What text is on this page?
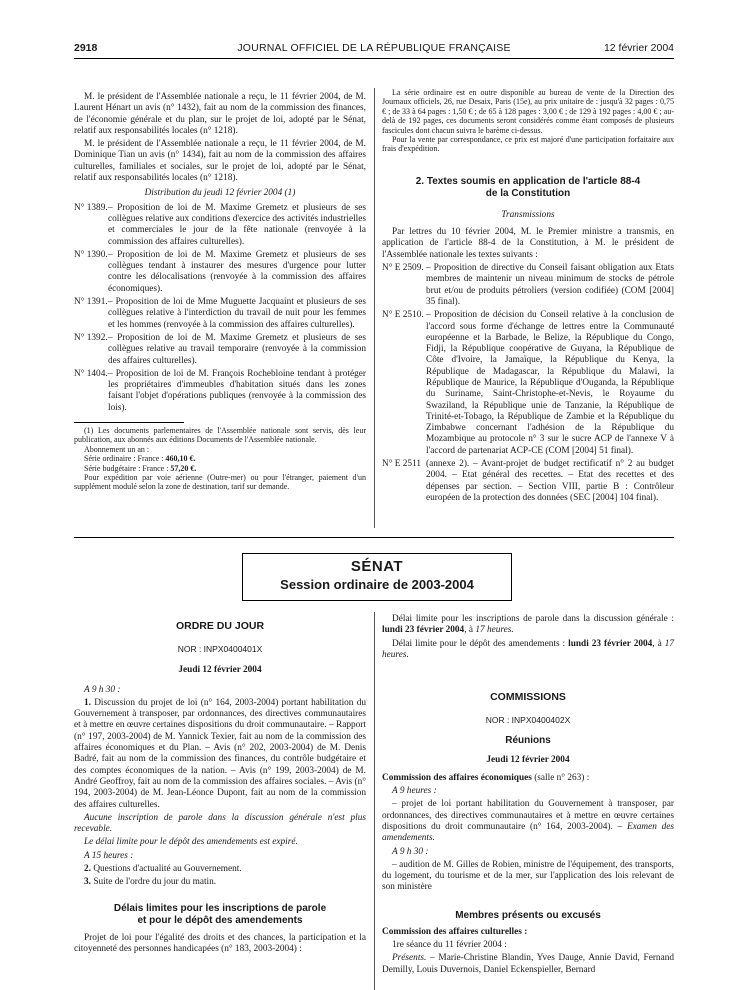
2918	JOURNAL OFFICIEL DE LA RÉPUBLIQUE FRANÇAISE	12 février 2004

M. le président de l'Assemblée nationale a reçu, le 11 février 2004, de M. Laurent Hénart un avis (n° 1432), fait au nom de la commission des finances, de l'économie générale et du plan, sur le projet de loi, adopté par le Sénat, relatif aux responsabilités locales (n° 1218).

M. le président de l'Assemblée nationale a reçu, le 11 février 2004, de M. Dominique Tian un avis (n° 1434), fait au nom de la commission des affaires culturelles, familiales et sociales, sur le projet de loi, adopté par le Sénat, relatif aux responsabilités locales (n° 1218).

Distribution du jeudi 12 février 2004 (1)

N° 1389. – Proposition de loi de M. Maxime Gremetz et plusieurs de ses collègues relative aux conditions d'exercice des activités industrielles et commerciales le jour de la fête nationale (renvoyée à la commission des affaires culturelles).
N° 1390. – Proposition de loi de M. Maxime Gremetz et plusieurs de ses collègues tendant à instaurer des mesures d'urgence pour lutter contre les délocalisations (renvoyée à la commission des affaires économiques).
N° 1391. – Proposition de loi de Mme Muguette Jacquaint et plusieurs de ses collègues relative à l'interdiction du travail de nuit pour les femmes et les hommes (renvoyée à la commission des affaires culturelles).
N° 1392. – Proposition de loi de M. Maxime Gremetz et plusieurs de ses collègues relative au travail temporaire (renvoyée à la commission des affaires culturelles).
N° 1404. – Proposition de loi de M. François Rochebloine tendant à protéger les propriétaires d'immeubles d'habitation situés dans les zones faisant l'objet d'opérations publiques (renvoyée à la commission des lois).

(1) Les documents parlementaires de l'Assemblée nationale sont servis, dès leur publication, aux abonnés aux éditions Documents de l'Assemblée nationale.

Abonnement un an :

Série ordinaire : France : 460,10 €.

Série budgétaire : France : 57,20 €.

Pour expédition par voie aérienne (Outre-mer) ou pour l'étranger, paiement d'un supplément modulé selon la zone de destination, tarif sur demande.

La série ordinaire est en outre disponible au bureau de vente de la Direction des Journaux officiels, 26, rue Desaix, Paris (15e), au prix unitaire de : jusqu'à 32 pages : 0,75 € ; de 33 à 64 pages : 1,50 € ; de 65 à 128 pages : 3,00 € ; de 129 à 192 pages : 4,00 € ; au-delà de 192 pages, ces documents seront considérés comme étant composés de plusieurs fascicules dont chacun suivra le barème ci-dessus.

Pour la vente par correspondance, ce prix est majoré d'une participation forfaitaire aux frais d'expédition.

2. Textes soumis en application de l'article 88-4
de la Constitution

Transmissions

Par lettres du 10 février 2004, M. le Premier ministre a transmis, en application de l'article 88-4 de la Constitution, à M. le président de l'Assemblée nationale les textes suivants :

N° E 2509. – Proposition de directive du Conseil faisant obligation aux Etats membres de maintenir un niveau minimum de stocks de pétrole brut et/ou de produits pétroliers (version codifiée) (COM [2004] 35 final).
N° E 2510. – Proposition de décision du Conseil relative à la conclusion de l'accord sous forme d'échange de lettres entre la Communauté européenne et la Barbade, le Belize, la République du Congo, Fidji, la République coopérative de Guyana, la République de Côte d'Ivoire, la Jamaïque, la République du Kenya, la République de Madagascar, la République du Malawi, la République de Maurice, la République d'Ouganda, la République du Suriname, Saint-Christophe-et-Nevis, le Royaume du Swaziland, la République unie de Tanzanie, la République de Trinité-et-Tobago, la République de Zambie et la République du Zimbabwe concernant l'adhésion de la République du Mozambique au protocole n° 3 sur le sucre ACP de l'annexe V à l'accord de partenariat ACP-CE (COM [2004] 51 final).
N° E 2511 (annexe 2). – Avant-projet de budget rectificatif n° 2 au budget 2004. – Etat général des recettes. – Etat des recettes et des dépenses par section. – Section VIII, partie B : Contrôleur européen de la protection des données (SEC [2004] 104 final).
SÉNAT
Session ordinaire de 2003-2004
ORDRE DU JOUR
NOR : INPX0400401X

Jeudi 12 février 2004

A 9 h 30 :

1. Discussion du projet de loi (n° 164, 2003-2004) portant habilitation du Gouvernement à transposer, par ordonnances, des directives communautaires et à mettre en œuvre certaines dispositions du droit communautaire. – Rapport (n° 197, 2003-2004) de M. Yannick Texier, fait au nom de la commission des affaires économiques et du Plan. – Avis (n° 202, 2003-2004) de M. Denis Badré, fait au nom de la commission des finances, du contrôle budgétaire et des comptes économiques de la nation. – Avis (n° 199, 2003-2004) de M. André Geoffroy, fait au nom de la commission des affaires sociales. – Avis (n° 194, 2003-2004) de M. Jean-Léonce Dupont, fait au nom de la commission des affaires culturelles.

Aucune inscription de parole dans la discussion générale n'est plus recevable.

Le délai limite pour le dépôt des amendements est expiré.

A 15 heures :

2. Questions d'actualité au Gouvernement.

3. Suite de l'ordre du jour du matin.

Délais limites pour les inscriptions de parole
et pour le dépôt des amendements

Projet de loi pour l'égalité des droits et des chances, la participation et la citoyenneté des personnes handicapées (n° 183, 2003-2004) :

Délai limite pour les inscriptions de parole dans la discussion générale : lundi 23 février 2004, à 17 heures.

Délai limite pour le dépôt des amendements : lundi 23 février 2004, à 17 heures.

COMMISSIONS
NOR : INPX0400402X
Réunions

Jeudi 12 février 2004

Commission des affaires économiques (salle n° 263) :

A 9 heures :

– projet de loi portant habilitation du Gouvernement à transposer, par ordonnances, des directives communautaires et à mettre en œuvre certaines dispositions du droit communautaire (n° 164, 2003-2004). – Examen des amendements.

A 9 h 30 :

– audition de M. Gilles de Robien, ministre de l'équipement, des transports, du logement, du tourisme et de la mer, sur l'application des lois relevant de son ministère

Membres présents ou excusés

Commission des affaires culturelles :

1re séance du 11 février 2004 :

Présents. – Marie-Christine Blandin, Yves Dauge, Annie David, Fernand Demilly, Louis Duvernois, Daniel Eckenspieller, Bernard
